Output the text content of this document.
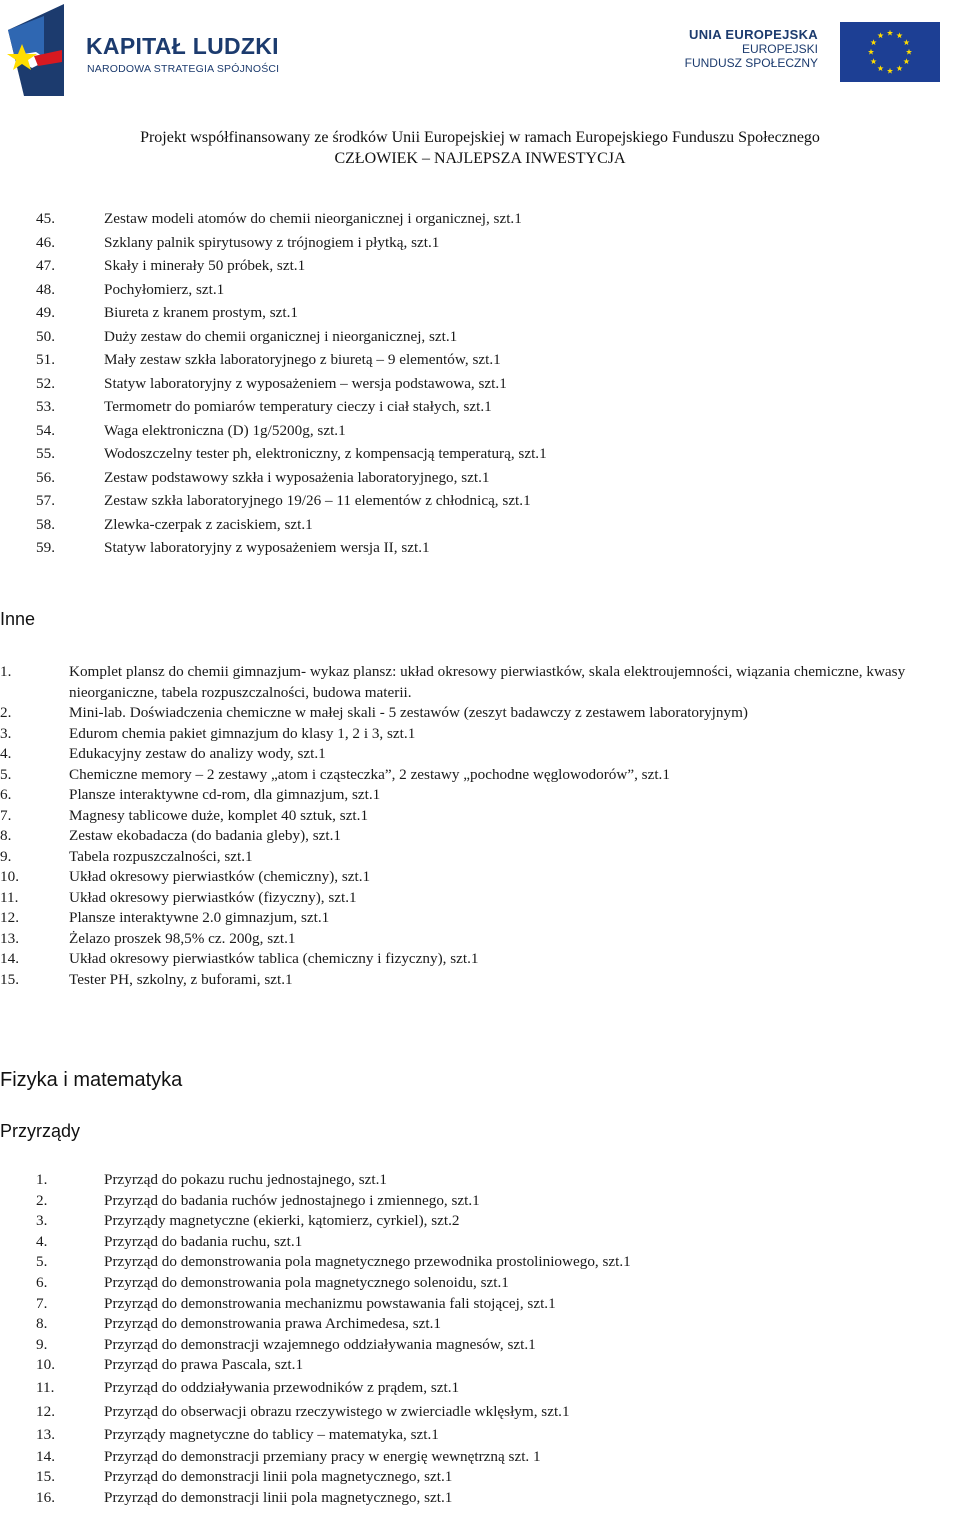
KAPITAŁ LUDZKI
NARODOWA STRATEGIA SPÓJNOŚCI
UNIA EUROPEJSKA
EUROPEJSKI
FUNDUSZ SPOŁECZNY
Projekt współfinansowany ze środków Unii Europejskiej w ramach Europejskiego Funduszu Społecznego
CZŁOWIEK – NAJLEPSZA INWESTYCJA
45.	Zestaw modeli atomów do chemii nieorganicznej i organicznej, szt.1
46.	Szklany palnik spirytusowy z trójnogiem i płytką, szt.1
47.	Skały i minerały 50 próbek, szt.1
48.	Pochyłomierz, szt.1
49.	Biureta z kranem prostym, szt.1
50.	Duży zestaw do chemii organicznej i nieorganicznej, szt.1
51.	Mały zestaw szkła laboratoryjnego z biuretą – 9 elementów, szt.1
52.	Statyw laboratoryjny z wyposażeniem – wersja podstawowa, szt.1
53.	Termometr do pomiarów temperatury cieczy i ciał stałych, szt.1
54.	Waga elektroniczna (D) 1g/5200g, szt.1
55.	Wodoszczelny tester ph, elektroniczny, z kompensacją temperaturą, szt.1
56.	Zestaw podstawowy szkła i wyposażenia laboratoryjnego, szt.1
57.	Zestaw szkła laboratoryjnego 19/26 – 11 elementów z chłodnicą, szt.1
58.	Zlewka-czerpak z zaciskiem, szt.1
59.	Statyw laboratoryjny z wyposażeniem wersja II, szt.1
Inne
1.	Komplet plansz do chemii gimnazjum- wykaz plansz: układ okresowy pierwiastków, skala elektroujemności, wiązania chemiczne, kwasy nieorganiczne, tabela rozpuszczalności, budowa materii.
2.	Mini-lab. Doświadczenia chemiczne w małej skali - 5 zestawów (zeszyt badawczy z zestawem laboratoryjnym)
3.	Edurom chemia pakiet gimnazjum do klasy 1, 2 i 3, szt.1
4.	Edukacyjny zestaw do analizy wody, szt.1
5.	Chemiczne memory – 2 zestawy „atom i cząsteczka”, 2 zestawy „pochodne węglowodorów”, szt.1
6.	Plansze interaktywne cd-rom, dla gimnazjum, szt.1
7.	Magnesy tablicowe duże, komplet 40 sztuk, szt.1
8.	Zestaw ekobadacza (do badania gleby), szt.1
9.	Tabela rozpuszczalności, szt.1
10.	Układ okresowy pierwiastków (chemiczny), szt.1
11.	Układ okresowy pierwiastków (fizyczny), szt.1
12.	Plansze interaktywne 2.0 gimnazjum, szt.1
13.	Żelazo proszek 98,5% cz. 200g, szt.1
14.	Układ okresowy pierwiastków tablica (chemiczny i fizyczny), szt.1
15.	Tester PH, szkolny, z buforami, szt.1
Fizyka i matematyka
Przyrządy
1.	Przyrząd do pokazu ruchu jednostajnego, szt.1
2.	Przyrząd do badania ruchów jednostajnego i zmiennego, szt.1
3.	Przyrządy magnetyczne (ekierki, kątomierz, cyrkiel), szt.2
4.	Przyrząd do badania ruchu, szt.1
5.	Przyrząd do demonstrowania pola magnetycznego przewodnika prostoliniowego, szt.1
6.	Przyrząd do demonstrowania pola magnetycznego solenoidu, szt.1
7.	Przyrząd do demonstrowania mechanizmu powstawania fali stojącej, szt.1
8.	Przyrząd do demonstrowania prawa Archimedesa, szt.1
9.	Przyrząd do demonstracji wzajemnego oddziaływania magnesów, szt.1
10.	Przyrząd do prawa Pascala, szt.1
11.	Przyrząd do oddziaływania przewodników z prądem, szt.1
12.	Przyrząd do obserwacji obrazu rzeczywistego w zwierciadle wklęsłym, szt.1
13.	Przyrządy magnetyczne do tablicy – matematyka, szt.1
14.	Przyrząd do demonstracji przemiany pracy w energię wewnętrzną szt. 1
15.	Przyrząd do demonstracji linii pola magnetycznego, szt.1
16.	Przyrząd do demonstracji linii pola magnetycznego, szt.1
